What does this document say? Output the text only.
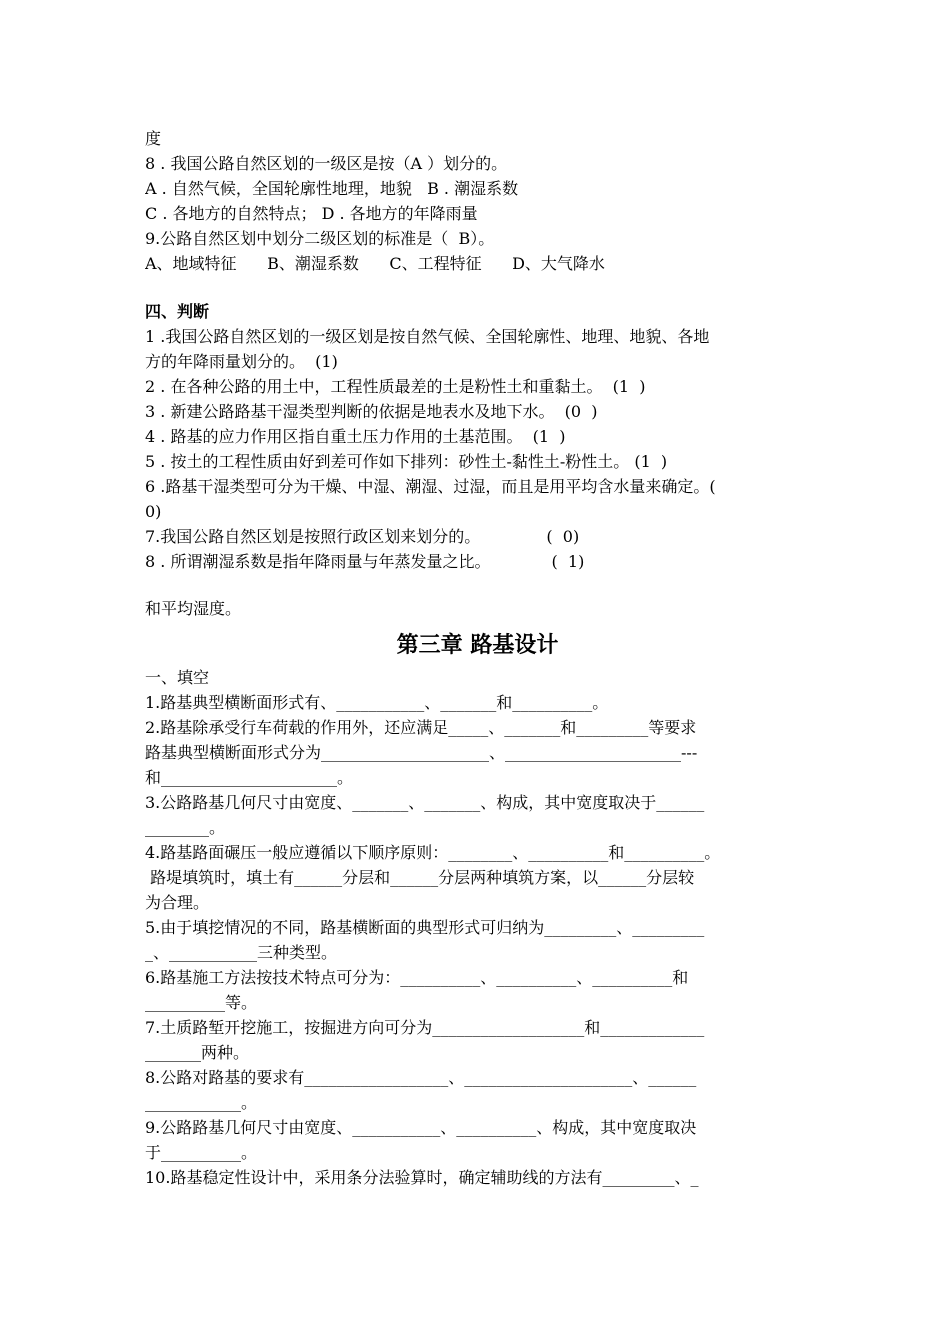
度
8 . 我国公路自然区划的一级区是按（A ）划分的。
A . 自然气候，全国轮廓性地理，地貌   B . 潮湿系数
C . 各地方的自然特点； D . 各地方的年降雨量
9.公路自然区划中划分二级区划的标准是（  B）。
A、地域特征      B、潮湿系数      C、工程特征      D、大气降水
四、判断
1 .我国公路自然区划的一级区划是按自然气候、全国轮廓性、地理、地貌、各地
方的年降雨量划分的。  (1)
2 . 在各种公路的用土中，工程性质最差的土是粉性土和重黏土。  (1  )
3 . 新建公路路基干湿类型判断的依据是地表水及地下水。  (0  )
4 . 路基的应力作用区指自重土压力作用的土基范围。  (1  )
5 . 按土的工程性质由好到差可作如下排列：砂性土-黏性土-粉性土。 (1  )
6 .路基干湿类型可分为干燥、中湿、潮湿、过湿，而且是用平均含水量来确定。(
0)
7.我国公路自然区划是按照行政区划来划分的。             (  0)
8 . 所谓潮湿系数是指年降雨量与年蒸发量之比。            (  1)
和平均湿度。
第三章 路基设计
一、填空
1.路基典型横断面形式有、___________、_______和__________。
2.路基除承受行车荷载的作用外，还应满足_____、_______和_________等要求
路基典型横断面形式分为_____________________、______________________---
和______________________。
3.公路路基几何尺寸由宽度、_______、_______、构成，其中宽度取决于______
________。
4.路基路面碾压一般应遵循以下顺序原则：________、__________和__________。
路堤填筑时，填土有______分层和______分层两种填筑方案，以______分层较
为合理。
5.由于填挖情况的不同，路基横断面的典型形式可归纳为_________、_________
_、___________三种类型。
6.路基施工方法按技术特点可分为：__________、__________、__________和
__________等。
7.土质路堑开挖施工，按掘进方向可分为___________________和_____________
_______两种。
8.公路对路基的要求有__________________、_____________________、______
____________。
9.公路路基几何尺寸由宽度、___________、__________、构成，其中宽度取决
于__________。
10.路基稳定性设计中，采用条分法验算时，确定辅助线的方法有_________、_
